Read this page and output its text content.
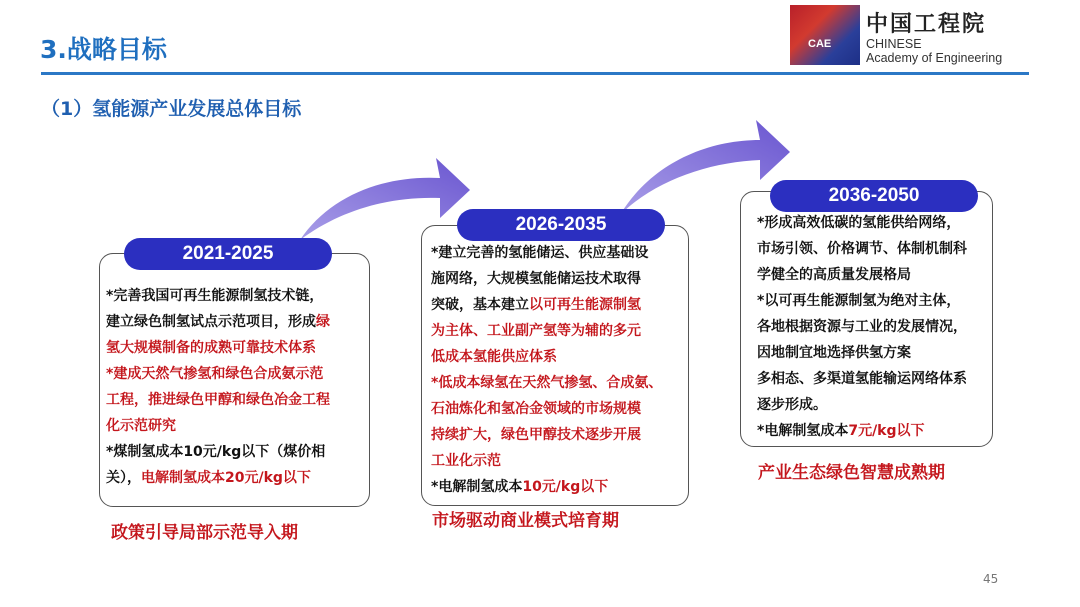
3.战略目标
（1）氢能源产业发展总体目标
CAE
中国工程院
CHINESE
Academy of Engineering
2021-2025

*完善我国可再生能源制氢技术链，

建立绿色制氢试点示范项目，形成绿

氢大规模制备的成熟可靠技术体系

*建成天然气掺氢和绿色合成氨示范

工程，推进绿色甲醇和绿色冶金工程

化示范研究

*煤制氢成本10元/kg以下（煤价相

关），电解制氢成本20元/kg以下

政策引导局部示范导入期
2026-2035

*建立完善的氢能储运、供应基础设

施网络，大规模氢能储运技术取得

突破，基本建立以可再生能源制氢

为主体、工业副产氢等为辅的多元

低成本氢能供应体系

*低成本绿氢在天然气掺氢、合成氨、

石油炼化和氢冶金领域的市场规模

持续扩大，绿色甲醇技术逐步开展

工业化示范

*电解制氢成本10元/kg以下

市场驱动商业模式培育期
2036-2050

*形成高效低碳的氢能供给网络，

市场引领、价格调节、体制机制科

学健全的高质量发展格局

*以可再生能源制氢为绝对主体，

各地根据资源与工业的发展情况，

因地制宜地选择供氢方案

多相态、多渠道氢能输运网络体系

逐步形成。

*电解制氢成本7元/kg以下

产业生态绿色智慧成熟期
45
